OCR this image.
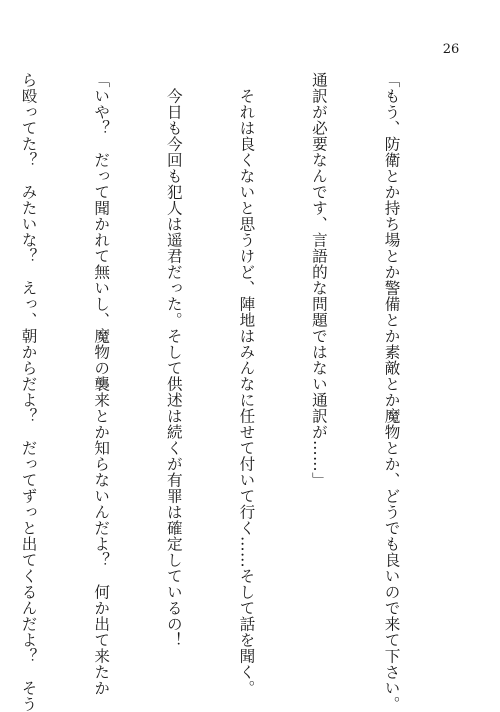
26

「もう、防衛とか持ち場とか警備とか素敵とか魔物とか、どうでも良いので来て下さい。

通訳が必要なんです、言語的な問題ではない通訳が……」

　それは良くないと思うけど、陣地はみんなに任せて付いて行く……そして話を聞く。

　今日も今回も犯人は遥君だった。そして供述は続くが有罪は確定しているの！

「いや？　だって聞かれて無いし、魔物の襲来とか知らないんだよ？　何か出て来たか

ら殴ってた？　みたいな？　えっ、朝からだよ？　だってずっと出てくるんだよ？　そう
